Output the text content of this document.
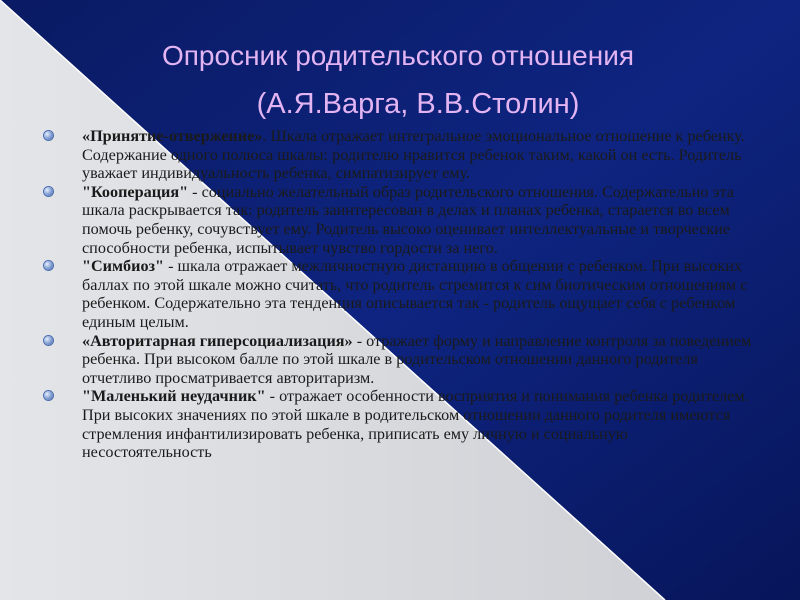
Опросник родительского отношения
(А.Я.Варга, В.В.Столин)
«Принятие-отвержение». Шкала отражает интегральное эмоциональное отношение к ребенку. Содержание одного полюса шкалы: родителю нравится ребенок таким, какой он есть. Родитель уважает индивидуальность ребенка, симпатизирует ему.
"Кооперация" - социально желательный образ родительского отношения. Содержательно эта шкала раскрывается так: родитель заинтересован в делах и планах ребенка, старается во всем помочь ребенку, сочувствует ему. Родитель высоко оценивает интеллектуальные и творческие способности ребенка, испытывает чувство гордости за него.
"Симбиоз" - шкала отражает межличностную дистанцию в общении с ребенком. При высоких баллах по этой шкале можно считать, что родитель стремится к сим биотическим отношениям с ребенком. Содержательно эта тенденция описывается так - родитель ощущает себя с ребенком единым целым.
«Авторитарная гиперсоциализация» - отражает форму и направление контроля за поведением ребенка. При высоком балле по этой шкале в родительском отношении данного родителя отчетливо просматривается авторитаризм.
"Маленький неудачник" - отражает особенности восприятия и понимания ребенка родителем. При высоких значениях по этой шкале в родительском отношении данного родителя имеются стремления инфантилизировать ребенка, приписать ему личную и социальную несостоятельность
